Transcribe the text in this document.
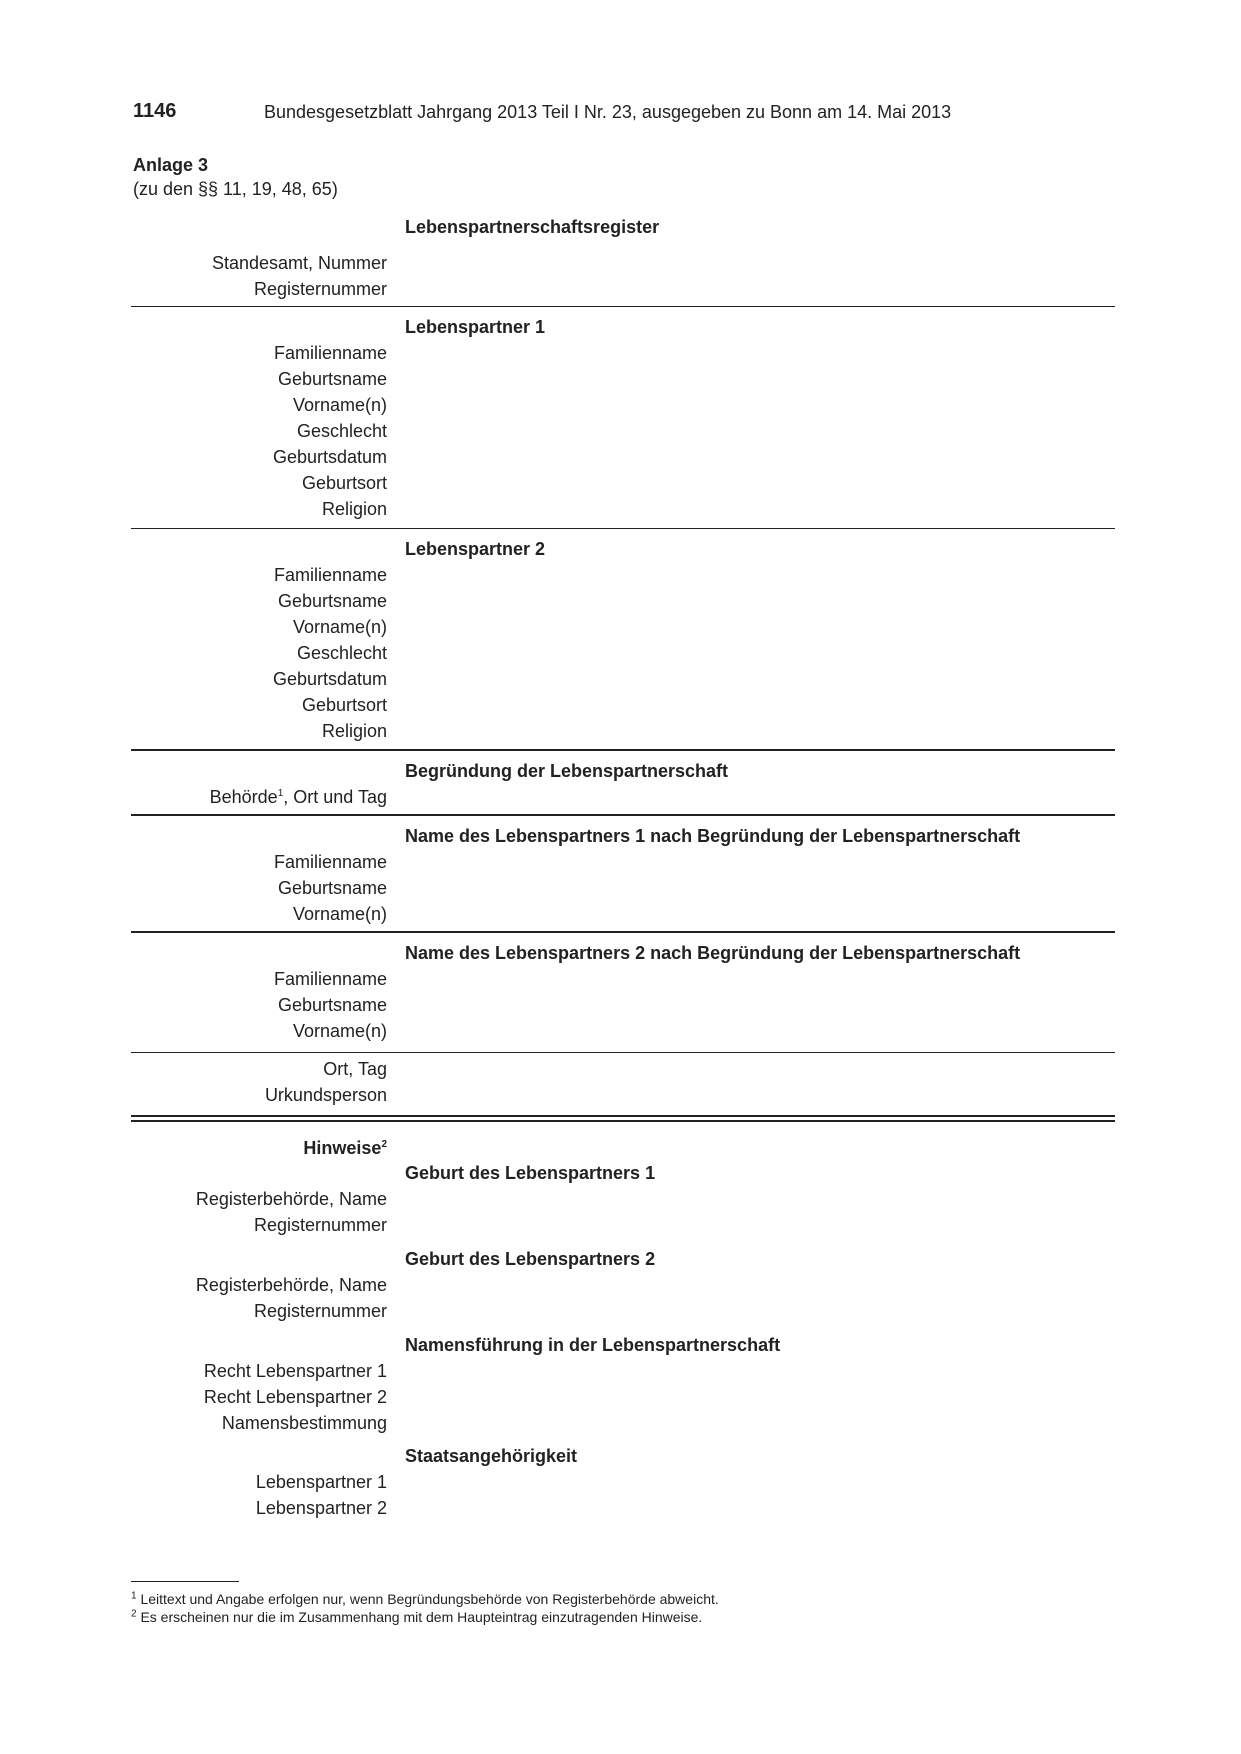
1146	Bundesgesetzblatt Jahrgang 2013 Teil I Nr. 23, ausgegeben zu Bonn am 14. Mai 2013
Anlage 3
(zu den §§ 11, 19, 48, 65)
Lebenspartnerschaftsregister
Standesamt, Nummer
Registernummer
Lebenspartner 1
Familienname
Geburtsname
Vorname(n)
Geschlecht
Geburtsdatum
Geburtsort
Religion
Lebenspartner 2
Familienname
Geburtsname
Vorname(n)
Geschlecht
Geburtsdatum
Geburtsort
Religion
Begründung der Lebenspartnerschaft
Behörde$^1$, Ort und Tag
Name des Lebenspartners 1 nach Begründung der Lebenspartnerschaft
Familienname
Geburtsname
Vorname(n)
Name des Lebenspartners 2 nach Begründung der Lebenspartnerschaft
Familienname
Geburtsname
Vorname(n)
Ort, Tag
Urkundsperson
Hinweise$^2$
Geburt des Lebenspartners 1
Registerbehörde, Name
Registernummer
Geburt des Lebenspartners 2
Registerbehörde, Name
Registernummer
Namensführung in der Lebenspartnerschaft
Recht Lebenspartner 1
Recht Lebenspartner 2
Namensbestimmung
Staatsangehörigkeit
Lebenspartner 1
Lebenspartner 2
$^1$ Leittext und Angabe erfolgen nur, wenn Begründungsbehörde von Registerbehörde abweicht.
$^2$ Es erscheinen nur die im Zusammenhang mit dem Haupteintrag einzutragenden Hinweise.
